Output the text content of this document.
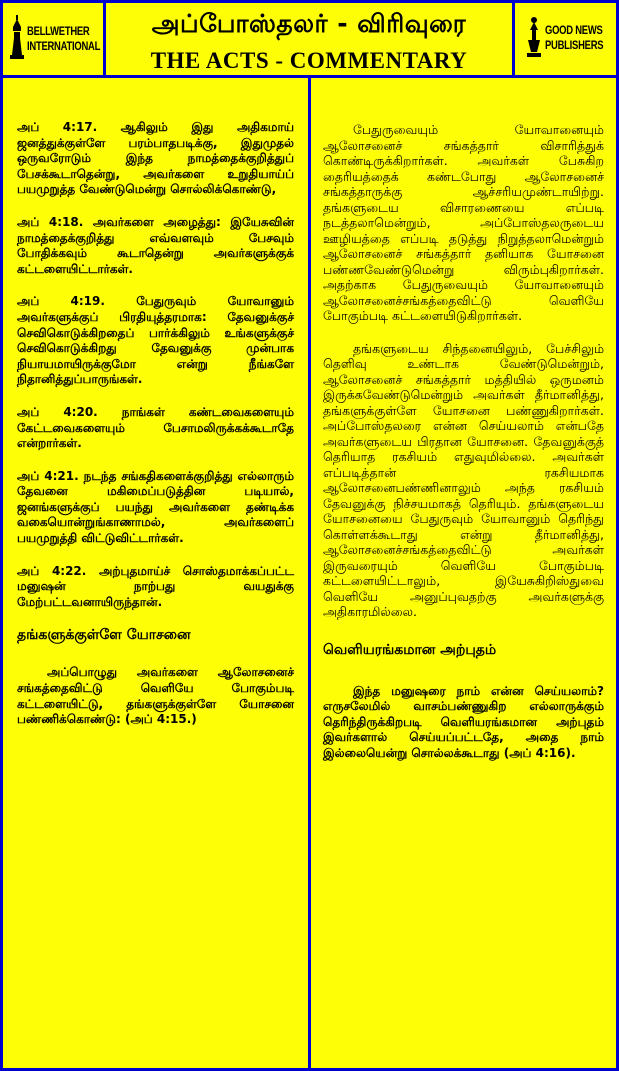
BELLWETHER
INTERNATIONAL
அப்போஸ்தலர் - விரிவுரை
THE ACTS - COMMENTARY
GOOD NEWS
PUBLISHERS

அப் 4:17. ஆகிலும் இது அதிகமாய் ஜனத்துக்குள்ளே பரம்பாதபடிக்கு, இதுமுதல் ஒருவரோடும் இந்த நாமத்தைக்குறித்துப் பேசக்கூடாதென்று, அவர்களை உறுதியாய்ப் பயமுறுத்த வேண்டுமென்று சொல்லிக்கொண்டு,

அப் 4:18. அவர்களை அழைத்து: இயேசுவின் நாமத்தைக்குறித்து எவ்வளவும் பேசவும் போதிக்கவும் கூடாதென்று அவர்களுக்குக் கட்டளையிட்டார்கள்.

அப் 4:19. பேதுருவும் யோவானும் அவர்களுக்குப் பிரதியுத்தரமாக: தேவனுக்குச் செவிகொடுக்கிறதைப் பார்க்கிலும் உங்களுக்குச் செவிகொடுக்கிறது தேவனுக்கு முன்பாக நியாயமாயிருக்குமோ என்று நீங்களே நிதானித்துப்பாருங்கள்.

அப் 4:20. நாங்கள் கண்டவைகளையும் கேட்டவைகளையும் பேசாமலிருக்கக்கூடாதே என்றார்கள்.

அப் 4:21. நடந்த சங்கதிகளைக்குறித்து எல்லாரும் தேவனை மகிமைப்படுத்தின படியால், ஜனங்களுக்குப் பயந்து அவர்களை தண்டிக்க வகையொன்றுங்காணாமல், அவர்களைப் பயமுறுத்தி விட்டுவிட்டார்கள்.

அப் 4:22. அற்புதமாய்ச் சொஸ்தமாக்கப்பட்ட மனுஷன் நாற்பது வயதுக்கு மேற்பட்டவனாயிருந்தான்.

தங்களுக்குள்ளே யோசனை

அப்பொழுது அவர்களை ஆலோசனைச் சங்கத்தைவிட்டு வெளியே போகும்படி கட்டளையிட்டு, தங்களுக்குள்ளே யோசனை பண்ணிக்கொண்டு: (அப் 4:15.)

பேதுருவையும் யோவானையும் ஆலோசனைச் சங்கத்தார் விசாரித்துக் கொண்டிருக்கிறார்கள். அவர்கள் பேசுகிற தைரியத்தைக் கண்டபோது ஆலோசனைச் சங்கத்தாருக்கு ஆச்சரியமுண்டாயிற்று. தங்களுடைய விசாரணையை எப்படி நடத்தலாமென்றும், அப்போஸ்தலருடைய ஊழியத்தை எப்படி தடுத்து நிறுத்தலாமென்றும் ஆலோசனைச் சங்கத்தார் தனியாக யோசனை பண்ணவேண்டுமென்று விரும்புகிறார்கள். அதற்காக பேதுருவையும் யோவானையும் ஆலோசனைச்சங்கத்தைவிட்டு வெளியே போகும்படி கட்டளையிடுகிறார்கள்.

தங்களுடைய சிந்தனையிலும், பேச்சிலும் தெளிவு உண்டாக வேண்டுமென்றும், ஆலோசனைச் சங்கத்தார் மத்தியில் ஒருமனம் இருக்கவேண்டுமென்றும் அவர்கள் தீர்மானித்து, தங்களுக்குள்ளே யோசனை பண்ணுகிறார்கள். அப்போஸ்தலரை என்ன செய்யலாம் என்பதே அவர்களுடைய பிரதான யோசனை. தேவனுக்குத் தெரியாத ரகசியம் எதுவுமில்லை. அவர்கள் எப்படித்தான் ரகசியமாக ஆலோசனைபண்ணினாலும் அந்த ரகசியம் தேவனுக்கு நிச்சயமாகத் தெரியும். தங்களுடைய யோசனையை பேதுருவும் யோவானும் தெரிந்து கொள்ளக்கூடாது என்று தீர்மானித்து, ஆலோசனைச்சங்கத்தைவிட்டு அவர்கள் இருவரையும் வெளியே போகும்படி கட்டளையிட்டாலும், இயேசுகிறிஸ்துவை வெளியே அனுப்புவதற்கு அவர்களுக்கு அதிகாரமில்லை.

வெளியரங்கமான அற்புதம்

இந்த மனுஷரை நாம் என்ன செய்யலாம்? எருசலேமில் வாசம்பண்ணுகிற எல்லாருக்கும் தெரிந்திருக்கிறபடி வெளியரங்கமான அற்புதம் இவர்களால் செய்யப்பட்டதே, அதை நாம் இல்லையென்று சொல்லக்கூடாது (அப் 4:16).
